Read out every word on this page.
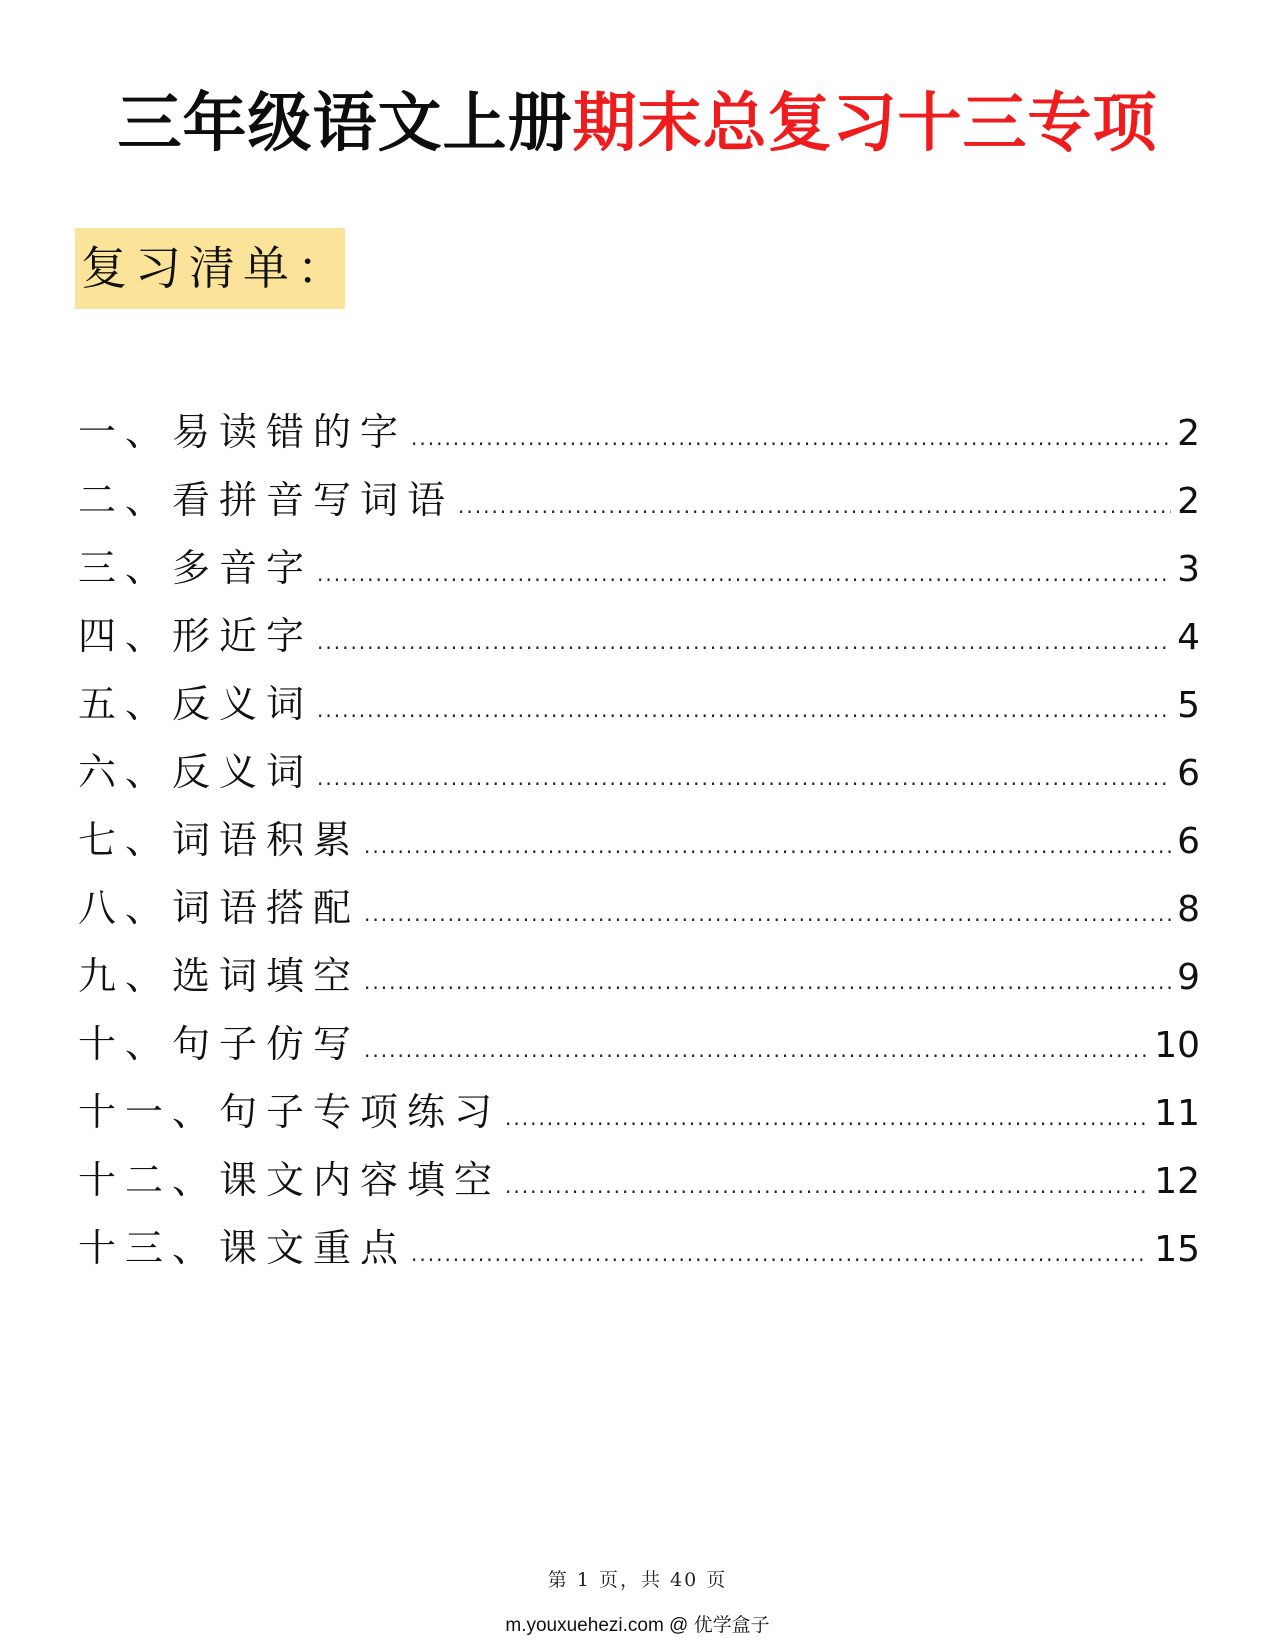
三年级语文上册期末总复习十三专项
复习清单：
一、易读错的字 .....	2
二、看拼音写词语 .....	2
三、多音字 .....	3
四、形近字 .....	4
五、反义词 .....	5
六、反义词 .....	6
七、词语积累 .....	6
八、词语搭配 .....	8
九、选词填空 .....	9
十、句子仿写 .....	10
十一、句子专项练习 .....	11
十二、课文内容填空 .....	12
十三、课文重点 .....	15
第 1 页，共 40 页
m.youxuehezi.com @ 优学盒子
